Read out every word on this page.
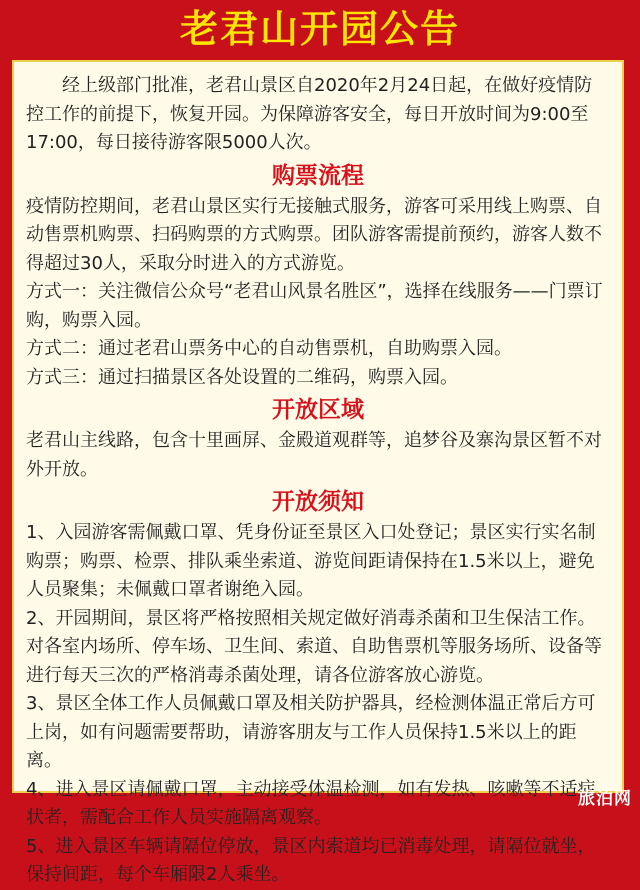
老君山开园公告

经上级部门批准，老君山景区自2020年2月24日起，在做好疫情防控工作的前提下，恢复开园。为保障游客安全，每日开放时间为9:00至17:00，每日接待游客限5000人次。

购票流程

疫情防控期间，老君山景区实行无接触式服务，游客可采用线上购票、自动售票机购票、扫码购票的方式购票。团队游客需提前预约，游客人数不得超过30人，采取分时进入的方式游览。

方式一：关注微信公众号“老君山风景名胜区”，选择在线服务——门票订购，购票入园。

方式二：通过老君山票务中心的自动售票机，自助购票入园。

方式三：通过扫描景区各处设置的二维码，购票入园。

开放区域

老君山主线路，包含十里画屏、金殿道观群等，追梦谷及寨沟景区暂不对外开放。

开放须知

1、入园游客需佩戴口罩、凭身份证至景区入口处登记；景区实行实名制购票；购票、检票、排队乘坐索道、游览间距请保持在1.5米以上，避免人员聚集；未佩戴口罩者谢绝入园。

2、开园期间，景区将严格按照相关规定做好消毒杀菌和卫生保洁工作。对各室内场所、停车场、卫生间、索道、自助售票机等服务场所、设备等进行每天三次的严格消毒杀菌处理，请各位游客放心游览。

3、景区全体工作人员佩戴口罩及相关防护器具，经检测体温正常后方可上岗，如有问题需要帮助，请游客朋友与工作人员保持1.5米以上的距离。

4、进入景区请佩戴口罩，主动接受体温检测，如有发热、咳嗽等不适症状者，需配合工作人员实施隔离观察。

5、进入景区车辆请隔位停放，景区内索道均已消毒处理，请隔位就坐，保持间距，每个车厢限2人乘坐。

旅泊网
